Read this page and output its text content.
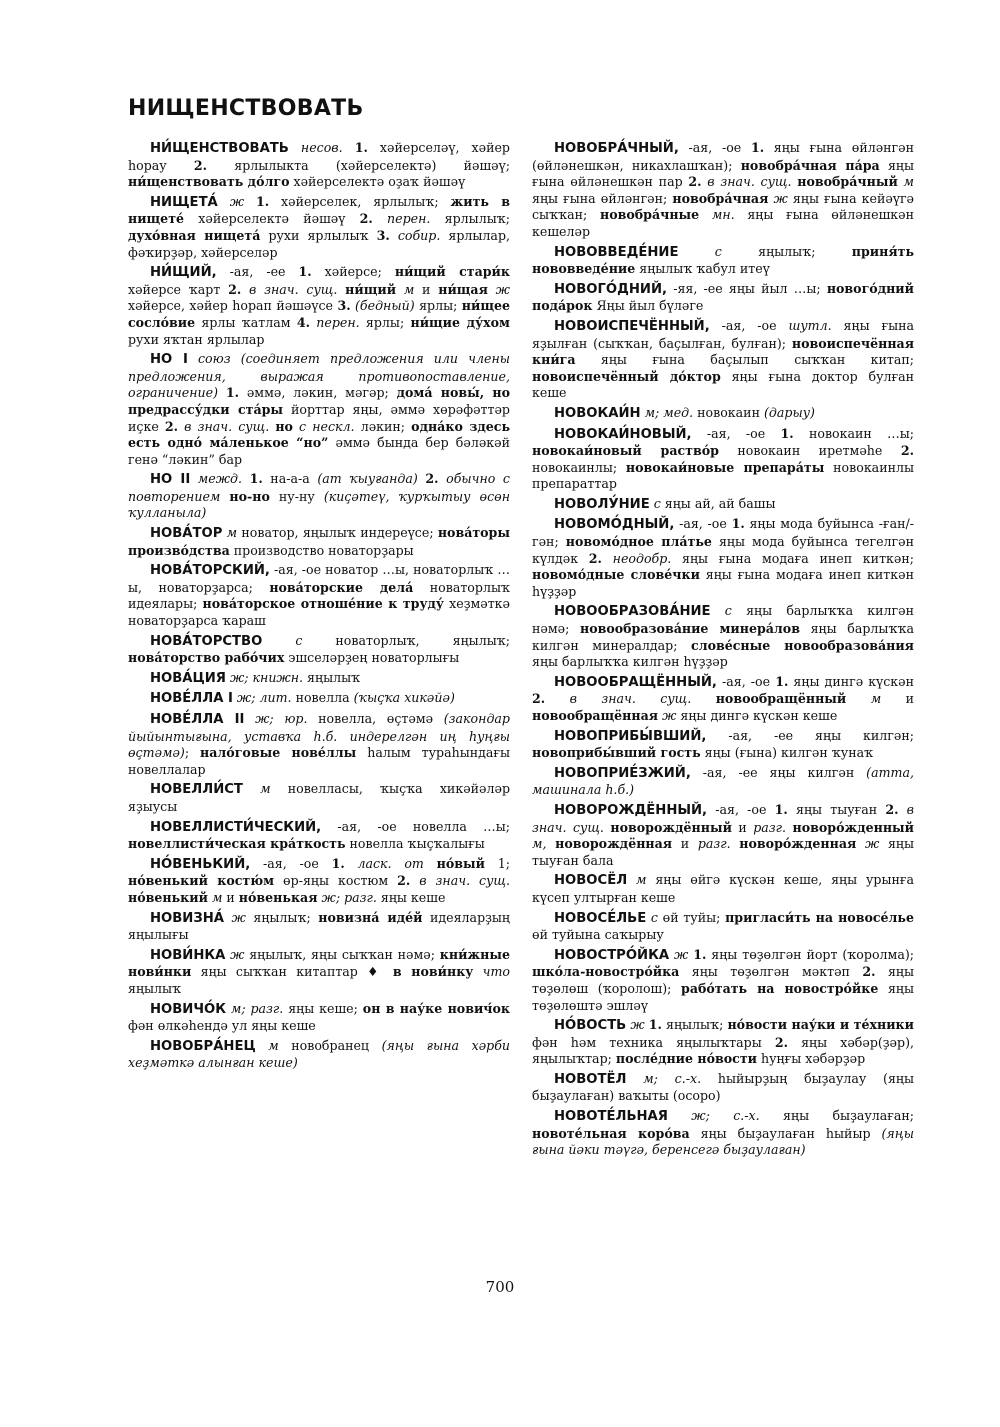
НИЩЕНСТВОВАТЬ

НИ́ЩЕНСТВОВАТЬ несов. 1. хәйерселәү, хәйер һорау 2. ярлылыкта (хәйерселектә) йәшәү; ни́щенствовать до́лго хәйерселектә оҙаҡ йәшәү

НИЩЕТА́ ж 1. хәйерселек, ярлылыҡ; жить в нищете́ хәйерселектә йәшәү 2. перен. ярлылыҡ; духо́вная нищета́ рухи ярлылыҡ 3. собир. ярлылар, фәҡирҙәр, хәйерселәр

НИ́ЩИЙ, -ая, -ее 1. хәйерсе; ни́щий стари́к хәйерсе ҡарт 2. в знач. сущ. ни́щий м и ни́щая ж хәйерсе, хәйер һорап йәшәүсе 3. (бедный) ярлы; ни́щее сосло́вие ярлы ҡатлам 4. перен. ярлы; ни́щие ду́хом рухи яҡтан ярлылар

НО I союз (соединяет предложения или члены предложения, выражая противопоставление, ограничение) 1. әммә, ләкин, мәгәр; дома́ новы́, но предрассу́дки ста́ры йорттар яңы, әммә хөрәфәттәр иҫке 2. в знач. сущ. но с нескл. ләкин; одна́ко здесь есть одно́ ма́ленькое “но” әммә бында бер бәләкәй генә “ләкин” бар

НО II межд. 1. на-а-а (ат ҡыуғанда) 2. обычно с повторением но-но ну-ну (киҫәтеү, ҡурҡытыу өсөн ҡулланыла)

НОВА́ТОР м новатор, яңылыҡ индереүсе; нова́торы произво́дства производство новаторҙары

НОВА́ТОРСКИЙ, -ая, -ое новатор …ы, новаторлыҡ …ы, новаторҙарса; нова́торские дела́ новаторлыҡ идеялары; нова́торское отноше́ние к труду́ хеҙмәткә новаторҙарса ҡараш

НОВА́ТОРСТВО с новаторлыҡ, яңылыҡ; нова́торство рабо́чих эшселәрҙең новаторлығы

НОВА́ЦИЯ ж; книжн. яңылыҡ

НОВЕ́ЛЛА I ж; лит. новелла (ҡыҫҡа хикәйә)

НОВЕ́ЛЛА II ж; юр. новелла, өҫтәмә (закондар йыйынтығына, уставҡа һ.б. индерелгән иң һуңғы өҫтәмә); нало́говые нове́ллы һалым тураһындағы новеллалар

НОВЕЛЛИ́СТ м новелласы, ҡыҫҡа хикәйәләр яҙыусы

НОВЕЛЛИСТИ́ЧЕСКИЙ, -ая, -ое новелла …ы; новеллисти́ческая кра́ткость новелла ҡыҫҡалығы

НО́ВЕНЬКИЙ, -ая, -ое 1. ласк. от но́вый 1; но́венький костю́м өр-яңы костюм 2. в знач. сущ. но́венький м и но́венькая ж; разг. яңы кеше

НОВИЗНА́ ж яңылыҡ; новизна́ иде́й идеяларҙың яңылығы

НОВИ́НКА ж яңылыҡ, яңы сыҡҡан нәмә; кни́жные нови́нки яңы сыҡҡан китаптар ♦ в нови́нку что яңылыҡ

НОВИЧО́К м; разг. яңы кеше; он в нау́ке нович́ок фән өлкәһендә ул яңы кеше

НОВОБРА́НЕЦ м новобранец (яңы ғына хәрби хеҙмәткә алынған кеше)

НОВОБРА́ЧНЫЙ, -ая, -ое 1. яңы ғына өйләнгән (өйләнешкән, никахлашҡан); новобра́чная па́ра яңы ғына өйләнешкән пар 2. в знач. сущ. новобра́чный м яңы ғына өйләнгән; новобра́чная ж яңы ғына кейәүгә сыҡҡан; новобра́чные мн. яңы ғына өйләнешкән кешеләр

НОВОВВЕДЕ́НИЕ с яңылыҡ; приня́ть нововведе́ние яңылыҡ ҡабул итеү

НОВОГО́ДНИЙ, -яя, -ее яңы йыл …ы; нового́дний пода́рок Яңы йыл бүләге

НОВОИСПЕЧЁННЫЙ, -ая, -ое шутл. яңы ғына яҙылған (сыҡҡан, баҫылған, булған); новоиспечённая кни́га яңы ғына баҫылып сыҡҡан китап; новоиспечённый до́ктор яңы ғына доктор булған кеше

НОВОКАИ́Н м; мед. новокаин (дарыу)

НОВОКАИ́НОВЫЙ, -ая, -ое 1. новокаин …ы; новокаи́новый раство́р новокаин иретмәһе 2. новокаинлы; новокаи́новые препара́ты новокаинлы препараттар

НОВОЛУ́НИЕ с яңы ай, ай башы

НОВОМО́ДНЫЙ, -ая, -ое 1. яңы мода буйынса -ған/-гән; новомо́дное пла́тье яңы мода буйынса тегелгән күлдәк 2. неодобр. яңы ғына модаға инеп киткән; новомо́дные слове́чки яңы ғына модаға инеп киткән һүҙҙәр

НОВООБРАЗОВА́НИЕ с яңы барлыҡҡа килгән нәмә; новообразова́ние минера́лов яңы барлыҡҡа килгән минералдар; слове́сные новообразова́ния яңы барлыҡҡа килгән һүҙҙәр

НОВООБРАЩЁННЫЙ, -ая, -ое 1. яңы дингә күскән 2. в знач. сущ. новообращённый м и новообращённая ж яңы дингә күскән кеше

НОВОПРИБЫ́ВШИЙ, -ая, -ее яңы килгән; новоприбы́вший гость яңы (ғына) килгән ҡунаҡ

НОВОПРИЕ́ЗЖИЙ, -ая, -ее яңы килгән (атта, машинала һ.б.)

НОВОРОЖДЁННЫЙ, -ая, -ое 1. яңы тыуған 2. в знач. сущ. новорождённый и разг. новоро́жденный м, новорождённая и разг. новоро́жденная ж яңы тыуған бала

НОВОСЁЛ м яңы өйгә күскән кеше, яңы урынға күсеп ултырған кеше

НОВОСЕ́ЛЬЕ с өй туйы; пригласи́ть на новосе́лье өй туйына саҡырыу

НОВОСТРО́ЙКА ж 1. яңы төҙөлгән йорт (ҡоролма); шко́ла-новостро́йка яңы төҙөлгән мәктәп 2. яңы төҙөлөш (ҡоролош); рабо́тать на новостро́йке яңы төҙөлөштә эшләү

НО́ВОСТЬ ж 1. яңылыҡ; но́вости нау́ки и те́хники фән һәм техника яңылыҡтары 2. яңы хәбәр(ҙәр), яңылыҡтар; после́дние но́вости һуңғы хәбәрҙәр

НОВОТЁЛ м; с.-х. һыйырҙың быҙаулау (яңы быҙаулаған) ваҡыты (осоро)

НОВОТЕ́ЛЬНАЯ ж; с.-х. яңы быҙаулаған; новоте́льная коро́ва яңы быҙаулаған һыйыр (яңы ғына йәки тәүгә, беренсегә быҙаулаған)

700
